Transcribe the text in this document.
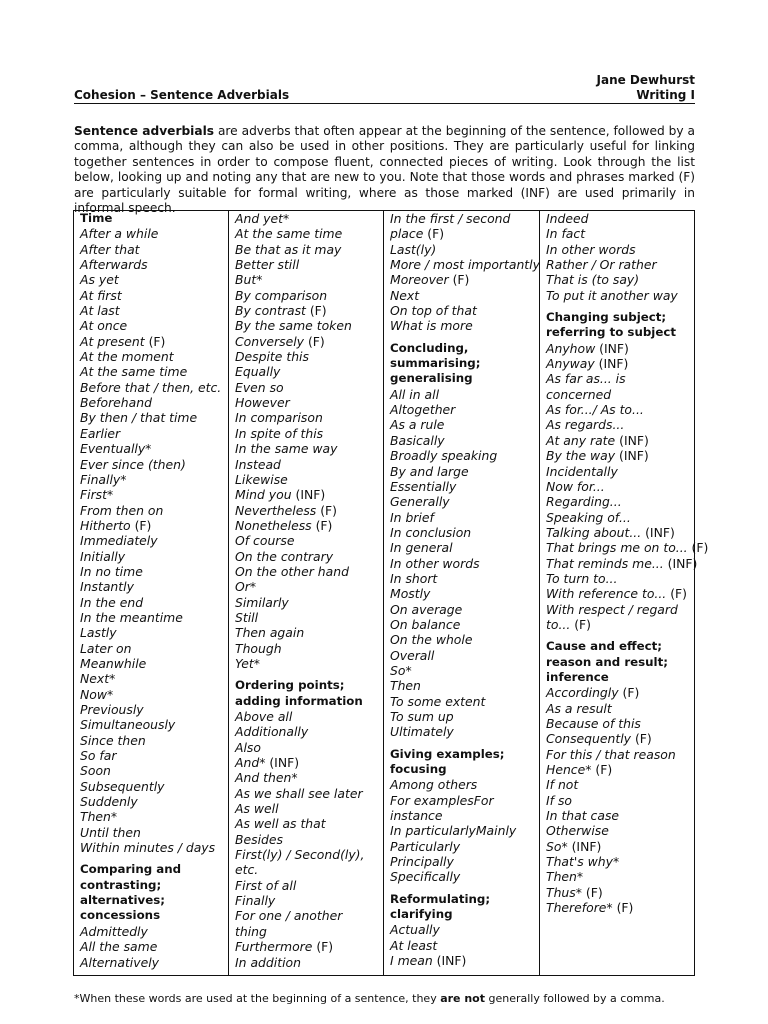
Jane Dewhurst
Cohesion – Sentence Adverbials	Writing I
Sentence adverbials are adverbs that often appear at the beginning of the sentence, followed by a comma, although they can also be used in other positions. They are particularly useful for linking together sentences in order to compose fluent, connected pieces of writing. Look through the list below, looking up and noting any that are new to you. Note that those words and phrases marked (F) are particularly suitable for formal writing, where as those marked (INF) are used primarily in informal speech.
Time
After a while
After that
Afterwards
As yet
At first
At last
At once
At present (F)
At the moment
At the same time
Before that / then, etc.
Beforehand
By then / that time
Earlier
Eventually*
Ever since (then)
Finally*
First*
From then on
Hitherto (F)
Immediately
Initially
In no time
Instantly
In the end
In the meantime
Lastly
Later on
Meanwhile
Next*
Now*
Previously
Simultaneously
Since then
So far
Soon
Subsequently
Suddenly
Then*
Until then
Within minutes / days
Comparing and
contrasting;
alternatives;
concessions
Admittedly
All the same
Alternatively
And yet*
At the same time
Be that as it may
Better still
But*
By comparison
By contrast (F)
By the same token
Conversely (F)
Despite this
Equally
Even so
However
In comparison
In spite of this
In the same way
Instead
Likewise
Mind you (INF)
Nevertheless (F)
Nonetheless (F)
Of course
On the contrary
On the other hand
Or*
Similarly
Still
Then again
Though
Yet*
Ordering points;
adding information
Above all
Additionally
Also
And* (INF)
And then*
As we shall see later
As well
As well as that
Besides
First(ly) / Second(ly),
etc.
First of all
Finally
For one / another
thing
Furthermore (F)
In addition
In the first / second
place (F)
Last(ly)
More / most importantly
Moreover (F)
Next
On top of that
What is more
Concluding,
summarising;
generalising
All in all
Altogether
As a rule
Basically
Broadly speaking
By and large
Essentially
Generally
In brief
In conclusion
In general
In other words
In short
Mostly
On average
On balance
On the whole
Overall
So*
Then
To some extent
To sum up
Ultimately
Giving examples;
focusing
Among others
For examplesFor
instance
In particularlyMainly
Particularly
Principally
Specifically
Reformulating;
clarifying
Actually
At least
I mean (INF)
Indeed
In fact
In other words
Rather / Or rather
That is (to say)
To put it another way
Changing subject;
referring to subject
Anyhow (INF)
Anyway (INF)
As far as... is
concerned
As for.../ As to...
As regards...
At any rate (INF)
By the way (INF)
Incidentally
Now for...
Regarding...
Speaking of...
Talking about... (INF)
That brings me on to... (F)
That reminds me... (INF)
To turn to...
With reference to... (F)
With respect / regard
to... (F)
Cause and effect;
reason and result;
inference
Accordingly (F)
As a result
Because of this
Consequently (F)
For this / that reason
Hence* (F)
If not
If so
In that case
Otherwise
So* (INF)
That's why*
Then*
Thus* (F)
Therefore* (F)
*When these words are used at the beginning of a sentence, they are not generally followed by a comma.
